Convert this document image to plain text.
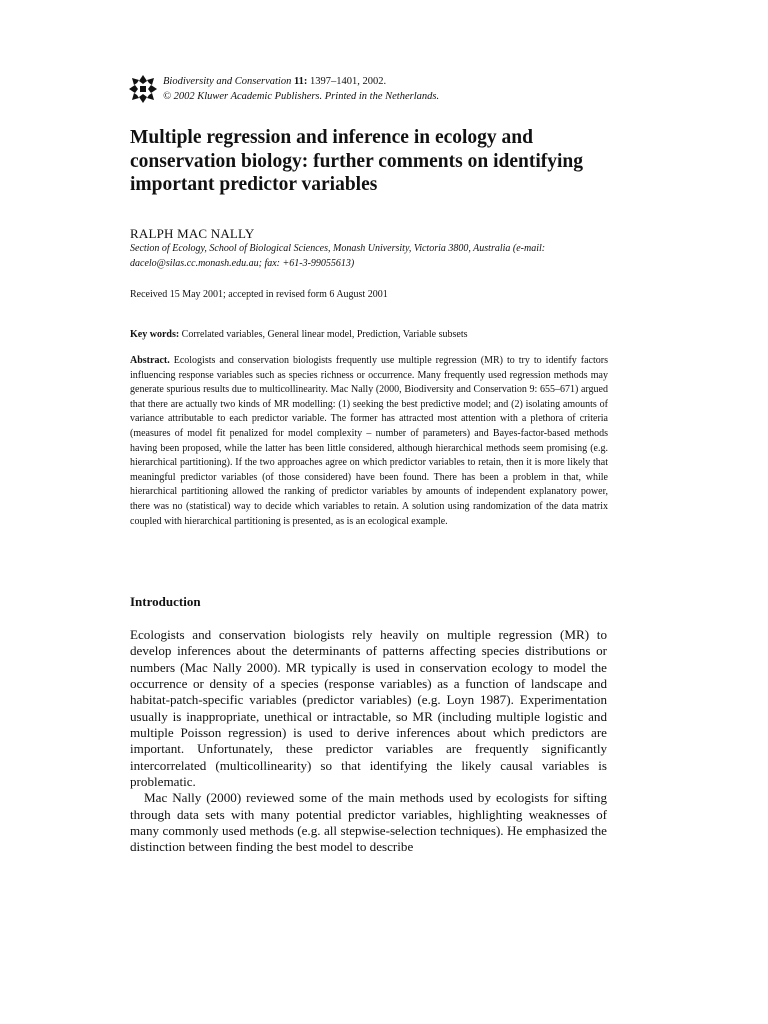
Biodiversity and Conservation 11: 1397–1401, 2002.
© 2002 Kluwer Academic Publishers. Printed in the Netherlands.
Multiple regression and inference in ecology and conservation biology: further comments on identifying important predictor variables
RALPH MAC NALLY
Section of Ecology, School of Biological Sciences, Monash University, Victoria 3800, Australia (e-mail: dacelo@silas.cc.monash.edu.au; fax: +61-3-99055613)
Received 15 May 2001; accepted in revised form 6 August 2001
Key words: Correlated variables, General linear model, Prediction, Variable subsets

Abstract. Ecologists and conservation biologists frequently use multiple regression (MR) to try to identify factors influencing response variables such as species richness or occurrence. Many frequently used regression methods may generate spurious results due to multicollinearity. Mac Nally (2000, Biodiversity and Conservation 9: 655–671) argued that there are actually two kinds of MR modelling: (1) seeking the best predictive model; and (2) isolating amounts of variance attributable to each predictor variable. The former has attracted most attention with a plethora of criteria (measures of model fit penalized for model complexity – number of parameters) and Bayes-factor-based methods having been proposed, while the latter has been little considered, although hierarchical methods seem promising (e.g. hierarchical partitioning). If the two approaches agree on which predictor variables to retain, then it is more likely that meaningful predictor variables (of those considered) have been found. There has been a problem in that, while hierarchical partitioning allowed the ranking of predictor variables by amounts of independent explanatory power, there was no (statistical) way to decide which variables to retain. A solution using randomization of the data matrix coupled with hierarchical partitioning is presented, as is an ecological example.

Introduction

Ecologists and conservation biologists rely heavily on multiple regression (MR) to develop inferences about the determinants of patterns affecting species distributions or numbers (Mac Nally 2000). MR typically is used in conservation ecology to model the occurrence or density of a species (response variables) as a function of landscape and habitat-patch-specific variables (predictor variables) (e.g. Loyn 1987). Experimentation usually is inappropriate, unethical or intractable, so MR (including multiple logistic and multiple Poisson regression) is used to derive inferences about which predictors are important. Unfortunately, these predictor variables are frequently significantly intercorrelated (multicollinearity) so that identifying the likely causal variables is problematic.

Mac Nally (2000) reviewed some of the main methods used by ecologists for sifting through data sets with many potential predictor variables, highlighting weaknesses of many commonly used methods (e.g. all stepwise-selection techniques). He emphasized the distinction between finding the best model to describe
